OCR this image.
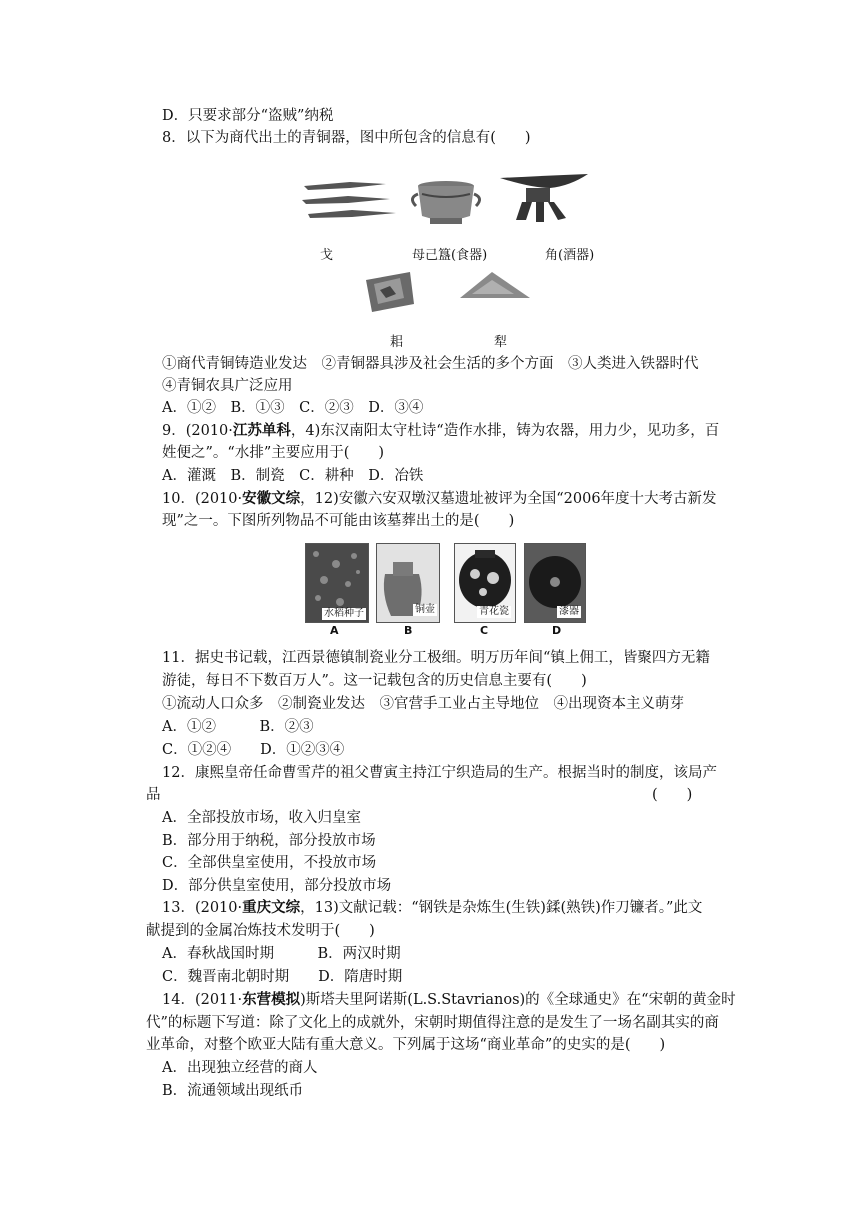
D．只要求部分“盗贼”纳税
8．以下为商代出土的青铜器，图中所包含的信息有(　　)
戈	母己簋(食器)	角(酒器)
耜	犁
①商代青铜铸造业发达　②青铜器具涉及社会生活的多个方面　③人类进入铁器时代
④青铜农具广泛应用
A．①②　B．①③　C．②③　D．③④
9．(2010·江苏单科，4)东汉南阳太守杜诗“造作水排，铸为农器，用力少，见功多，百
姓便之”。“水排”主要应用于(　　)
A．灌溉　B．制瓷　C．耕种　D．冶铁
10．(2010·安徽文综，12)安徽六安双墩汉墓遗址被评为全国“2006年度十大考古新发
现”之一。下图所列物品不可能由该墓葬出土的是(　　)
水稻种子	铜壶	青花瓷	漆器
A	B	C	D
11．据史书记载，江西景德镇制瓷业分工极细。明万历年间“镇上佣工，皆聚四方无籍
游徒，每日不下数百万人”。这一记载包含的历史信息主要有(　　)
①流动人口众多　②制瓷业发达　③官营手工业占主导地位　④出现资本主义萌芽
A．①②　　　B．②③
C．①②④　　D．①②③④
12．康熙皇帝任命曹雪芹的祖父曹寅主持江宁织造局的生产。根据当时的制度，该局产
品	(　　)
A．全部投放市场，收入归皇室
B．部分用于纳税，部分投放市场
C．全部供皇室使用，不投放市场
D．部分供皇室使用，部分投放市场
13．(2010·重庆文综，13)文献记载：“钢铁是杂炼生(生铁)鍒(熟铁)作刀镰者。”此文
献提到的金属冶炼技术发明于(　　)
A．春秋战国时期　　　B．两汉时期
C．魏晋南北朝时期　　D．隋唐时期
14．(2011·东营模拟)斯塔夫里阿诺斯(L.S.Stavrianos)的《全球通史》在“宋朝的黄金时
代”的标题下写道：除了文化上的成就外，宋朝时期值得注意的是发生了一场名副其实的商
业革命，对整个欧亚大陆有重大意义。下列属于这场“商业革命”的史实的是(　　)
A．出现独立经营的商人
B．流通领域出现纸币
